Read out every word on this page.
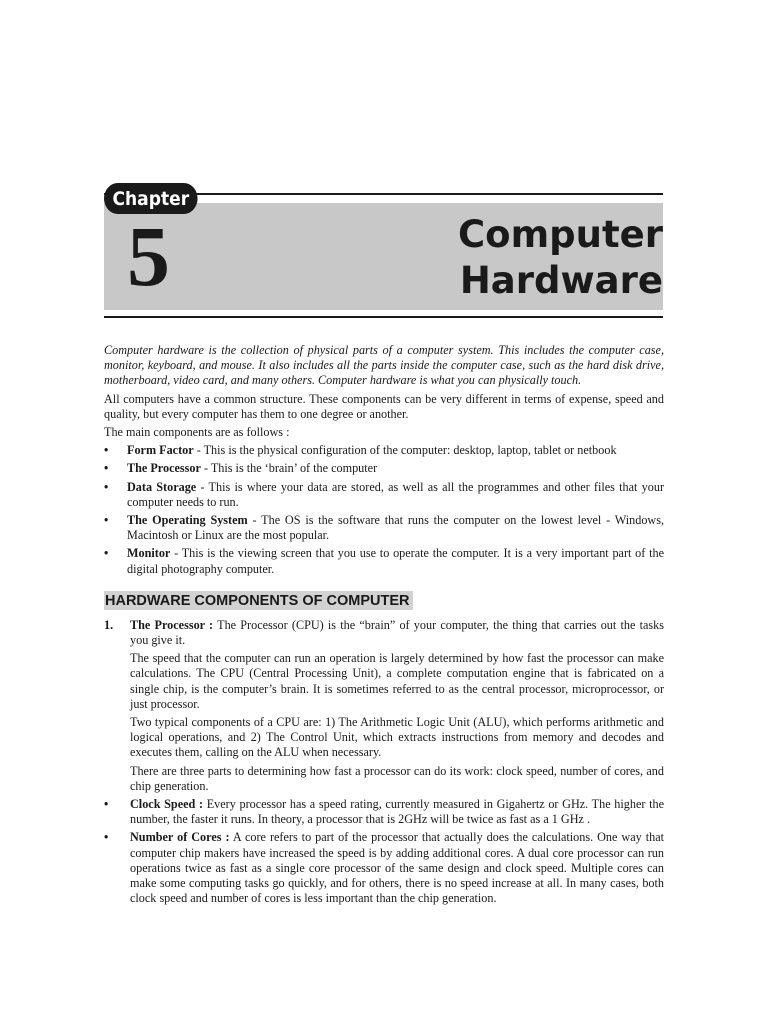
Chapter
5	Computer
Hardware

Computer hardware is the collection of physical parts of a computer system. This includes the computer case, monitor, keyboard, and mouse. It also includes all the parts inside the computer case, such as the hard disk drive, motherboard, video card, and many others. Computer hardware is what you can physically touch.

All computers have a common structure. These components can be very different in terms of expense, speed and quality, but every computer has them to one degree or another.

The main components are as follows :

• Form Factor - This is the physical configuration of the computer: desktop, laptop, tablet or netbook
• The Processor - This is the ‘brain’ of the computer
• Data Storage - This is where your data are stored, as well as all the programmes and other files that your computer needs to run.
• The Operating System - The OS is the software that runs the computer on the lowest level - Windows, Macintosh or Linux are the most popular.
• Monitor - This is the viewing screen that you use to operate the computer. It is a very important part of the digital photography computer.
HARDWARE COMPONENTS OF COMPUTER
1. The Processor : The Processor (CPU) is the “brain” of your computer, the thing that carries out the tasks you give it.

The speed that the computer can run an operation is largely determined by how fast the processor can make calculations. The CPU (Central Processing Unit), a complete computation engine that is fabricated on a single chip, is the computer’s brain. It is sometimes referred to as the central processor, microprocessor, or just processor.

Two typical components of a CPU are: 1) The Arithmetic Logic Unit (ALU), which performs arithmetic and logical operations, and 2) The Control Unit, which extracts instructions from memory and decodes and executes them, calling on the ALU when necessary.

There are three parts to determining how fast a processor can do its work: clock speed, number of cores, and chip generation.

• Clock Speed : Every processor has a speed rating, currently measured in Gigahertz or GHz. The higher the number, the faster it runs. In theory, a processor that is 2GHz will be twice as fast as a 1 GHz .
• Number of Cores : A core refers to part of the processor that actually does the calculations. One way that computer chip makers have increased the speed is by adding additional cores. A dual core processor can run operations twice as fast as a single core processor of the same design and clock speed. Multiple cores can make some computing tasks go quickly, and for others, there is no speed increase at all. In many cases, both clock speed and number of cores is less important than the chip generation.
